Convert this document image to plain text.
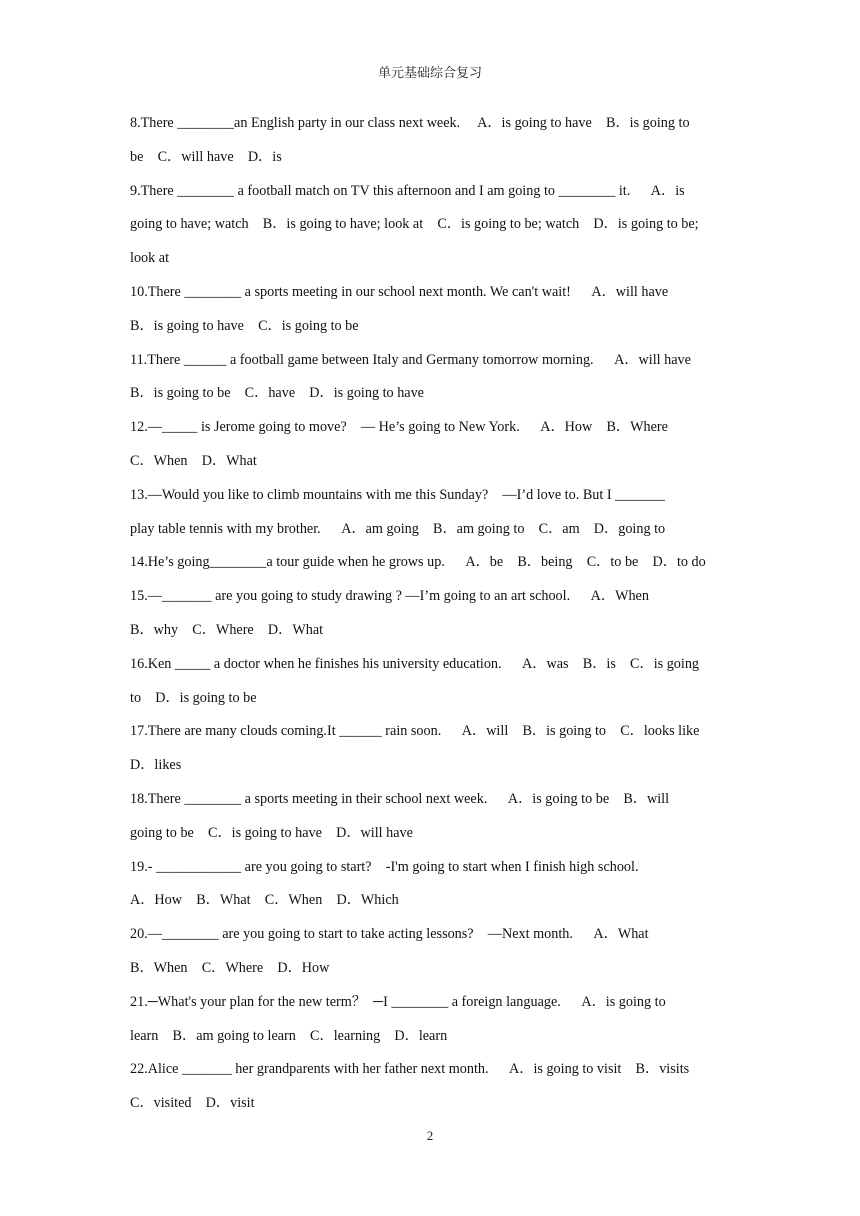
单元基础综合复习
8.There ________an English party in our class next week.     A．is going to have    B．is going to
be    C．will have    D．is
9.There ________ a football match on TV this afternoon and I am going to ________ it.      A．is
going to have; watch    B．is going to have; look at    C．is going to be; watch    D．is going to be;
look at
10.There ________ a sports meeting in our school next month. We can't wait!      A．will have
B．is going to have    C．is going to be
11.There ______ a football game between Italy and Germany tomorrow morning.      A．will have
B．is going to be    C．have    D．is going to have
12.—_____ is Jerome going to move?    — He’s going to New York.      A．How    B．Where
C．When    D．What
13.—Would you like to climb mountains with me this Sunday?    —I’d love to. But I _______
play table tennis with my brother.      A．am going    B．am going to    C．am    D．going to
14.He’s going________a tour guide when he grows up.      A．be    B．being    C．to be    D．to do
15.—_______ are you going to study drawing ? —I’m going to an art school.      A．When
B．why    C．Where    D．What
16.Ken _____ a doctor when he finishes his university education.      A．was    B．is    C．is going
to    D．is going to be
17.There are many clouds coming.It ______ rain soon.      A．will    B．is going to    C．looks like
D．likes
18.There ________ a sports meeting in their school next week.      A．is going to be    B．will
going to be    C．is going to have    D．will have
19.- ____________ are you going to start?    -I'm going to start when I finish high school.
A．How    B．What    C．When    D．Which
20.—________ are you going to start to take acting lessons?    —Next month.      A．What
B．When    C．Where    D．How
21.─What's your plan for the new term？  ─I ________ a foreign language.      A．is going to
learn    B．am going to learn    C．learning    D．learn
22.Alice _______ her grandparents with her father next month.      A．is going to visit    B．visits
C．visited    D．visit
2
